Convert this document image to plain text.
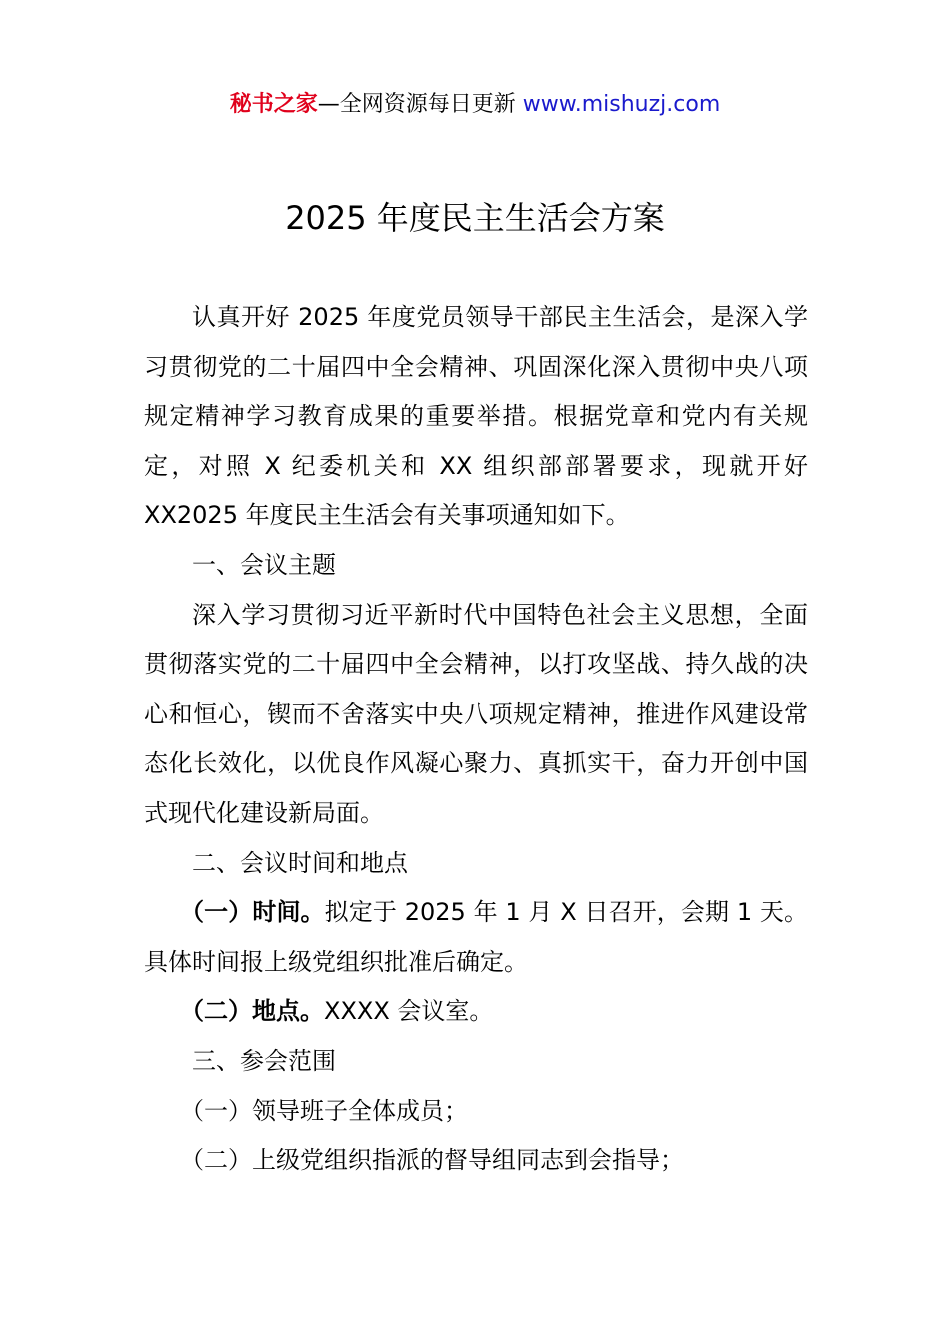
秘书之家—全网资源每日更新 www.mishuzj.com
2025 年度民主生活会方案

认真开好 2025 年度党员领导干部民主生活会，是深入学习贯彻党的二十届四中全会精神、巩固深化深入贯彻中央八项规定精神学习教育成果的重要举措。根据党章和党内有关规定，对照 X 纪委机关和 XX 组织部部署要求，现就开好 XX2025 年度民主生活会有关事项通知如下。

一、会议主题

深入学习贯彻习近平新时代中国特色社会主义思想，全面贯彻落实党的二十届四中全会精神，以打攻坚战、持久战的决心和恒心，锲而不舍落实中央八项规定精神，推进作风建设常态化长效化，以优良作风凝心聚力、真抓实干，奋力开创中国式现代化建设新局面。

二、会议时间和地点

（一）时间。拟定于 2025 年 1 月 X 日召开，会期 1 天。具体时间报上级党组织批准后确定。

（二）地点。XXXX 会议室。

三、参会范围

（一）领导班子全体成员；

（二）上级党组织指派的督导组同志到会指导；
